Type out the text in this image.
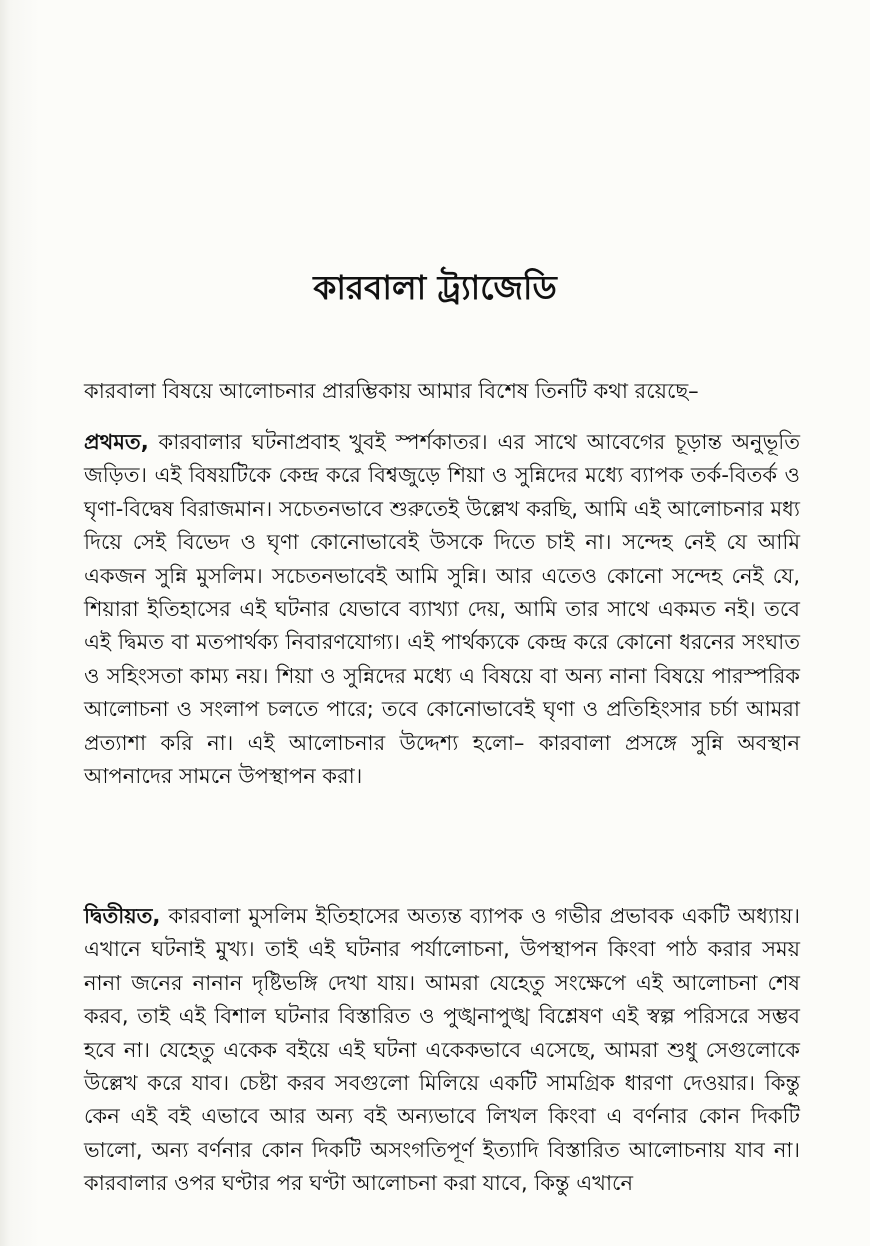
কারবালা ট্র্যাজেডি

কারবালা বিষয়ে আলোচনার প্রারম্ভিকায় আমার বিশেষ তিনটি কথা রয়েছে–

প্রথমত, কারবালার ঘটনাপ্রবাহ খুবই স্পর্শকাতর। এর সাথে আবেগের চূড়ান্ত অনুভূতি জড়িত। এই বিষয়টিকে কেন্দ্র করে বিশ্বজুড়ে শিয়া ও সুন্নিদের মধ্যে ব্যাপক তর্ক-বিতর্ক ও ঘৃণা-বিদ্বেষ বিরাজমান। সচেতনভাবে শুরুতেই উল্লেখ করছি, আমি এই আলোচনার মধ্য দিয়ে সেই বিভেদ ও ঘৃণা কোনোভাবেই উসকে দিতে চাই না। সন্দেহ নেই যে আমি একজন সুন্নি মুসলিম। সচেতনভাবেই আমি সুন্নি। আর এতেও কোনো সন্দেহ নেই যে, শিয়ারা ইতিহাসের এই ঘটনার যেভাবে ব্যাখ্যা দেয়, আমি তার সাথে একমত নই। তবে এই দ্বিমত বা মতপার্থক্য নিবারণযোগ্য। এই পার্থক্যকে কেন্দ্র করে কোনো ধরনের সংঘাত ও সহিংসতা কাম্য নয়। শিয়া ও সুন্নিদের মধ্যে এ বিষয়ে বা অন্য নানা বিষয়ে পারস্পরিক আলোচনা ও সংলাপ চলতে পারে; তবে কোনোভাবেই ঘৃণা ও প্রতিহিংসার চর্চা আমরা প্রত্যাশা করি না। এই আলোচনার উদ্দেশ্য হলো– কারবালা প্রসঙ্গে সুন্নি অবস্থান আপনাদের সামনে উপস্থাপন করা।

দ্বিতীয়ত, কারবালা মুসলিম ইতিহাসের অত্যন্ত ব্যাপক ও গভীর প্রভাবক একটি অধ্যায়। এখানে ঘটনাই মুখ্য। তাই এই ঘটনার পর্যালোচনা, উপস্থাপন কিংবা পাঠ করার সময় নানা জনের নানান দৃষ্টিভঙ্গি দেখা যায়। আমরা যেহেতু সংক্ষেপে এই আলোচনা শেষ করব, তাই এই বিশাল ঘটনার বিস্তারিত ও পুঙ্খনাপুঙ্খ বিশ্লেষণ এই স্বল্প পরিসরে সম্ভব হবে না। যেহেতু একেক বইয়ে এই ঘটনা একেকভাবে এসেছে, আমরা শুধু সেগুলোকে উল্লেখ করে যাব। চেষ্টা করব সবগুলো মিলিয়ে একটি সামগ্রিক ধারণা দেওয়ার। কিন্তু কেন এই বই এভাবে আর অন্য বই অন্যভাবে লিখল কিংবা এ বর্ণনার কোন দিকটি ভালো, অন্য বর্ণনার কোন দিকটি অসংগতিপূর্ণ ইত্যাদি বিস্তারিত আলোচনায় যাব না। কারবালার ওপর ঘণ্টার পর ঘণ্টা আলোচনা করা যাবে, কিন্তু এখানে
